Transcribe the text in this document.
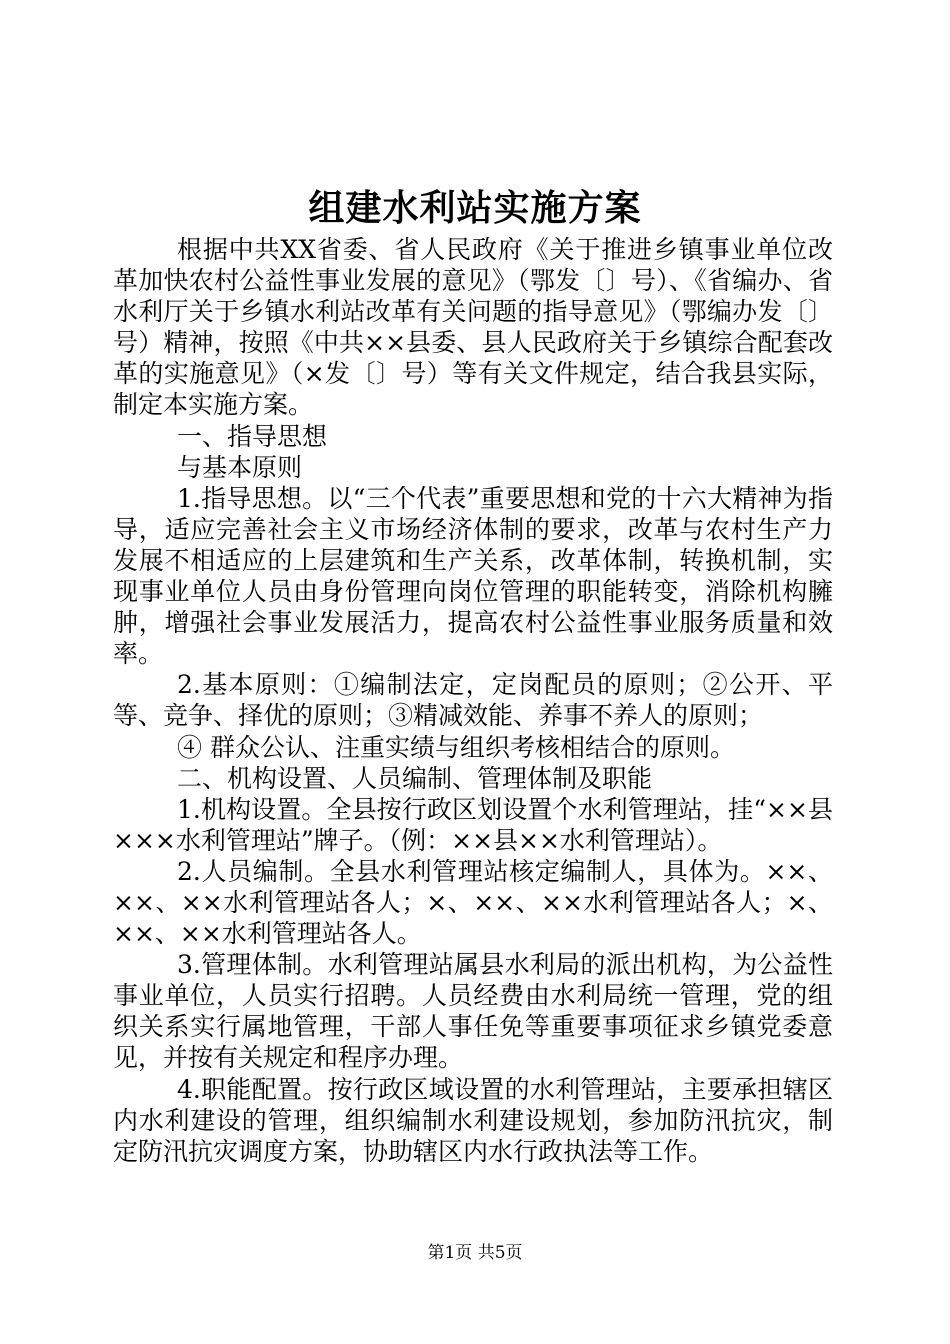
组建水利站实施方案

根据中共XX省委、省人民政府《关于推进乡镇事业单位改革加快农村公益性事业发展的意见》（鄂发〔〕号）、《省编办、省水利厅关于乡镇水利站改革有关问题的指导意见》（鄂编办发〔〕号）精神，按照《中共××县委、县人民政府关于乡镇综合配套改革的实施意见》（×发〔〕号）等有关文件规定，结合我县实际，制定本实施方案。

一、指导思想

与基本原则

1.指导思想。以“三个代表”重要思想和党的十六大精神为指导，适应完善社会主义市场经济体制的要求，改革与农村生产力发展不相适应的上层建筑和生产关系，改革体制，转换机制，实现事业单位人员由身份管理向岗位管理的职能转变，消除机构臃肿，增强社会事业发展活力，提高农村公益性事业服务质量和效率。

2.基本原则：①编制法定，定岗配员的原则；②公开、平等、竞争、择优的原则；③精减效能、养事不养人的原则；

④ 群众公认、注重实绩与组织考核相结合的原则。

二、机构设置、人员编制、管理体制及职能

1.机构设置。全县按行政区划设置个水利管理站，挂“××县×××水利管理站”牌子。（例：××县××水利管理站）。

2.人员编制。全县水利管理站核定编制人，具体为。××、××、××水利管理站各人；×、××、××水利管理站各人；×、××、××水利管理站各人。

3.管理体制。水利管理站属县水利局的派出机构，为公益性事业单位，人员实行招聘。人员经费由水利局统一管理，党的组织关系实行属地管理，干部人事任免等重要事项征求乡镇党委意见，并按有关规定和程序办理。

4.职能配置。按行政区域设置的水利管理站，主要承担辖区内水利建设的管理，组织编制水利建设规划，参加防汛抗灾，制定防汛抗灾调度方案，协助辖区内水行政执法等工作。

第1页 共5页
